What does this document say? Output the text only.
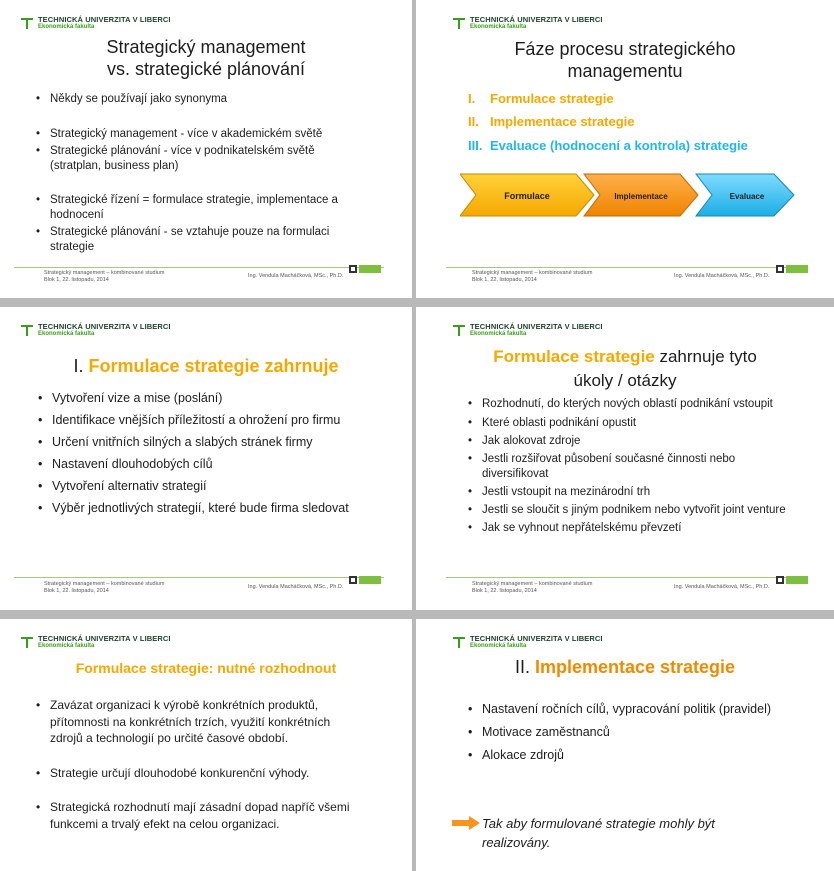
TECHNICKÁ UNIVERZITA V LIBERCI
Ekonomická fakulta
Strategický management
vs. strategické plánování
• Někdy se používají jako synonyma
• Strategický management - více v akademickém světě
• Strategické plánování - více v podnikatelském světě (stratplan, business plan)
• Strategické řízení = formulace strategie, implementace a hodnocení
• Strategické plánování - se vztahuje pouze na formulaci strategie
Strategický management – kombinované studium
Blok 1, 22. listopadu, 2014
Ing. Vendula Macháčková, MSc., Ph.D.
TECHNICKÁ UNIVERZITA V LIBERCI
Ekonomická fakulta
Fáze procesu strategického
managementu
I. Formulace strategie
II. Implementace strategie
III. Evaluace (hodnocení a kontrola) strategie
Formulace	Implementace	Evaluace
Strategický management – kombinované studium
Blok 1, 22. listopadu, 2014
Ing. Vendula Macháčková, MSc., Ph.D.
TECHNICKÁ UNIVERZITA V LIBERCI
Ekonomická fakulta
I. Formulace strategie zahrnuje
• Vytvoření vize a mise (poslání)
• Identifikace vnějších příležitostí a ohrožení pro firmu
• Určení vnitřních silných a slabých stránek firmy
• Nastavení dlouhodobých cílů
• Vytvoření alternativ strategií
• Výběr jednotlivých strategií, které bude firma sledovat
Strategický management – kombinované studium
Blok 1, 22. listopadu, 2014
Ing. Vendula Macháčková, MSc., Ph.D.
TECHNICKÁ UNIVERZITA V LIBERCI
Ekonomická fakulta
Formulace strategie zahrnuje tyto
úkoly / otázky
• Rozhodnutí, do kterých nových oblastí podnikání vstoupit
• Které oblasti podnikání opustit
• Jak alokovat zdroje
• Jestli rozšiřovat působení současné činnosti nebo diversifikovat
• Jestli vstoupit na mezinárodní trh
• Jestli se sloučit s jiným podnikem nebo vytvořit joint venture
• Jak se vyhnout nepřátelskému převzetí
Strategický management – kombinované studium
Blok 1, 22. listopadu, 2014
Ing. Vendula Macháčková, MSc., Ph.D.
TECHNICKÁ UNIVERZITA V LIBERCI
Ekonomická fakulta
Formulace strategie: nutné rozhodnout
• Zavázat organizaci k výrobě konkrétních produktů, přítomnosti na konkrétních trzích, využití konkrétních zdrojů a technologií po určité časové období.
• Strategie určují dlouhodobé konkurenční výhody.
• Strategická rozhodnutí mají zásadní dopad napříč všemi funkcemi a trvalý efekt na celou organizaci.
TECHNICKÁ UNIVERZITA V LIBERCI
Ekonomická fakulta
II. Implementace strategie
• Nastavení ročních cílů, vypracování politik (pravidel)
• Motivace zaměstnanců
• Alokace zdrojů
Tak aby formulované strategie mohly být realizovány.
